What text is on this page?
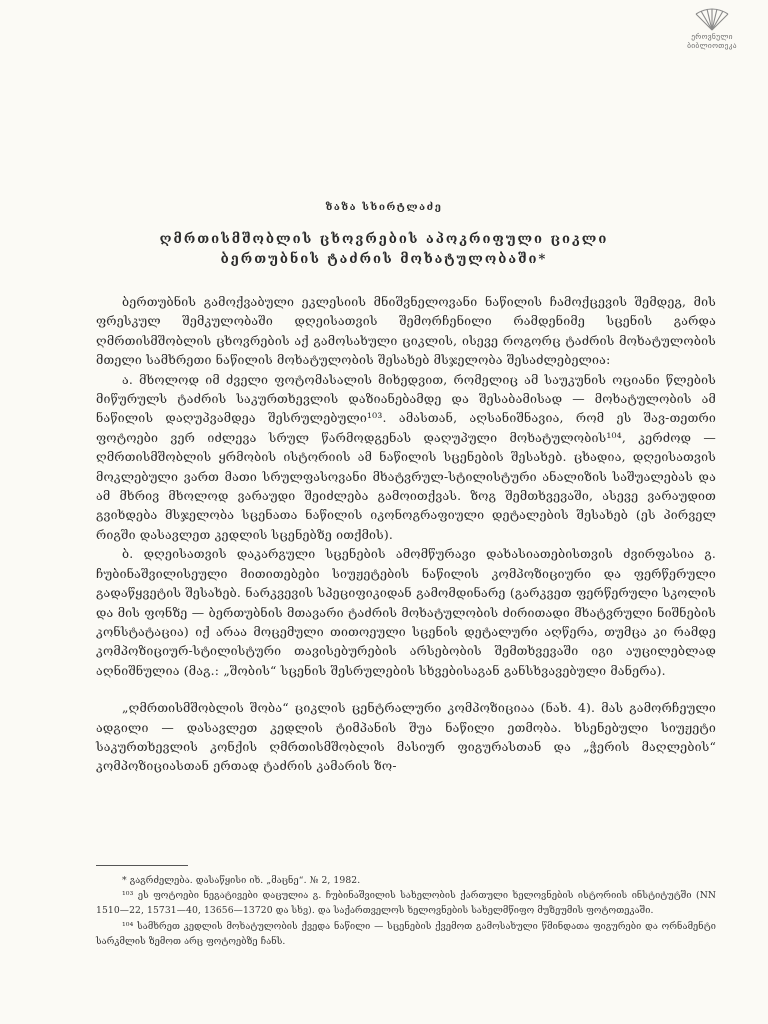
ეროვნული
ბიბლიოთეკა
ზაზა სხირტლაძე
ღმრთისმშობლის ცხოვრების აპოკრიფული ციკლი
ბერთუბნის ტაძრის მოხატულობაში*

ბერთუბნის გამოქვაბული ეკლესიის მნიშვნელოვანი ნაწილის ჩამოქცევის შემდეგ, მის ფრესკულ შემკულობაში დღეისათვის შემორჩენილი რამდენიმე სცენის გარდა ღმრთისმშობლის ცხოვრების აქ გამოსახული ციკლის, ისევე როგორც ტაძრის მოხატულობის მთელი სამხრეთი ნაწილის მოხატულობის შესახებ მსჯელობა შესაძლებელია:

ა. მხოლოდ იმ ძველი ფოტომასალის მიხედვით, რომელიც ამ საუკუნის ოციანი წლების მიწურულს ტაძრის საკურთხევლის დაზიანებამდე და შესაბამისად — მოხატულობის ამ ნაწილის დაღუპვამდეა შესრულებული¹⁰³. ამასთან, აღსანიშნავია, რომ ეს შავ-თეთრი ფოტოები ვერ იძლევა სრულ წარმოდგენას დაღუპული მოხატულობის¹⁰⁴, კერძოდ — ღმრთისმშობლის ყრმობის ისტორიის ამ ნაწილის სცენების შესახებ. ცხადია, დღეისათვის მოკლებული ვართ მათი სრულფასოვანი მხატვრულ-სტილისტური ანალიზის საშუალებას და ამ მხრივ მხოლოდ ვარაუდი შეიძლება გამოითქვას. ზოგ შემთხვევაში, ასევე ვარაუდით გვიხდება მსჯელობა სცენათა ნაწილის იკონოგრაფიული დეტალების შესახებ (ეს პირველ რიგში დასავლეთ კედლის სცენებზე ითქმის).

ბ. დღეისათვის დაკარგული სცენების ამომწურავი დახასიათებისთვის ძვირფასია გ. ჩუბინაშვილისეული მითითებები სიუჟეტების ნაწილის კომპოზიციური და ფერწერული გადაწყვეტის შესახებ. ნარკვევის სპეციფიკიდან გამომდინარე (გარკვეთ ფერწერული სკოლის და მის ფონზე — ბერთუბნის მთავარი ტაძრის მოხატულობის ძირითადი მხატვრული ნიშნების კონსტატაცია) იქ არაა მოცემული თითოეული სცენის დეტალური აღწერა, თუმცა კი რამდე კომპოზიციურ-სტილისტური თავისებურების არსებობის შემთხვევაში იგი აუცილებლად აღნიშნულია (მაგ.: „შობის“ სცენის შესრულების სხვებისაგან განსხვავებული მანერა).

„ღმრთისმშობლის შობა“ ციკლის ცენტრალური კომპოზიციაა (ნახ. 4). მას გამორჩეული ადგილი — დასავლეთ კედლის ტიმპანის შუა ნაწილი ეთმობა. ხსენებული სიუჟეტი საკურთხევლის კონქის ღმრთისმშობლის მასიურ ფიგურასთან და „ჭერის მაღლების“ კომპოზიციასთან ერთად ტაძრის კამარის ზო-

* გაგრძელება. დასაწყისი იხ. „მაცნე“. № 2, 1982.

¹⁰³ ეს ფოტოები ნეგატივები დაცულია გ. ჩუბინაშვილის სახელობის ქართული ხელოვნების ისტორიის ინსტიტუტში (NN 1510—22, 15731—40, 13656—13720 და სხვ). და საქართველოს ხელოვნების სახელმწიფო მუზეუმის ფოტოთეკაში.

¹⁰⁴ სამხრეთ კედლის მოხატულობის ქვედა ნაწილი — სცენების ქვემოთ გამოსახული წმინდათა ფიგურები და ორნამენტი სარკმლის ზემოთ არც ფოტოებზე ჩანს.
